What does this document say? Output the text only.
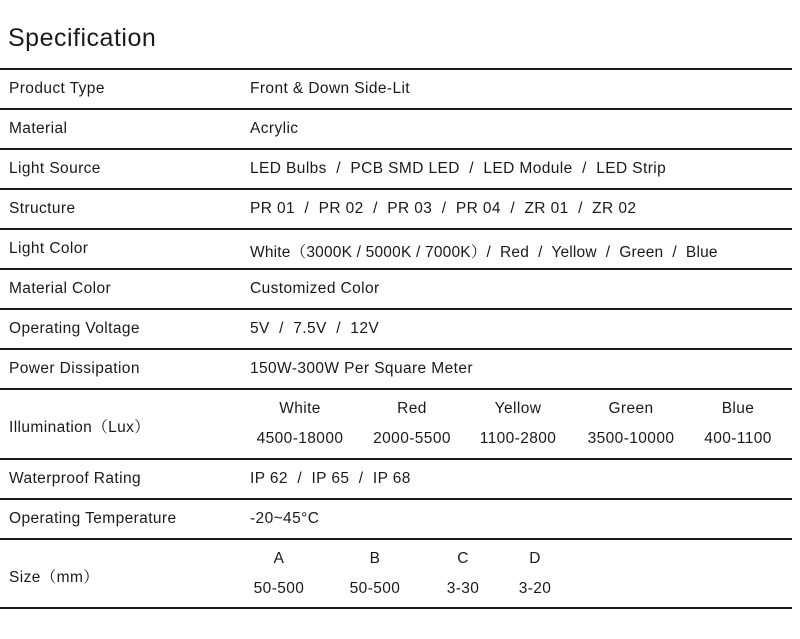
Specification
Product Type	Front & Down Side-Lit
Material	Acrylic
Light Source	LED Bulbs  /  PCB SMD LED  /  LED Module  /  LED Strip
Structure	PR 01  /  PR 02  /  PR 03  /  PR 04  /  ZR 01  /  ZR 02
Light Color	White（3000K / 5000K / 7000K）/  Red  /  Yellow  /  Green  /  Blue
Material Color	Customized Color
Operating Voltage	5V  /  7.5V  /  12V
Power Dissipation	150W-300W Per Square Meter
Illumination（Lux）
White	Red	Yellow	Green	Blue
4500-18000 2000-5500 1100-2800 3500-10000 400-1100
Waterproof Rating	IP 62  /  IP 65  /  IP 68
Operating Temperature	-20~45°C
Size（mm）
A	B	C	D
50-500	50-500	3-30	3-20
